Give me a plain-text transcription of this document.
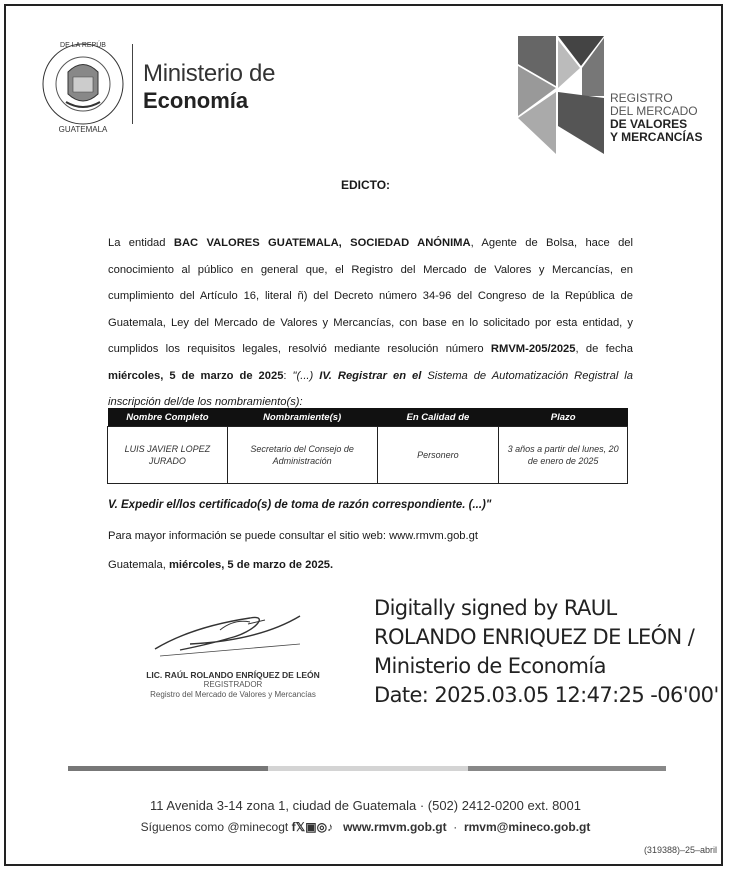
DE LA REPÚB
GUATEMALA
Ministerio de
Economía	REGISTRO
DEL MERCADO
DE VALORES
Y MERCANCÍAS
EDICTO:
La entidad BAC VALORES GUATEMALA, SOCIEDAD ANÓNIMA, Agente de Bolsa, hace del conocimiento al público en general que, el Registro del Mercado de Valores y Mercancías, en cumplimiento del Artículo 16, literal ñ) del Decreto número 34-96 del Congreso de la República de Guatemala, Ley del Mercado de Valores y Mercancías, con base en lo solicitado por esta entidad, y cumplidos los requisitos legales, resolvió mediante resolución número RMVM-205/2025, de fecha miércoles, 5 de marzo de 2025: "(...) IV. Registrar en el Sistema de Automatización Registral la inscripción del/de los nombramiento(s):
Nombre Completo	Nombramiente(s)	En Calidad de	Plazo
LUIS JAVIER LOPEZ JURADO	Secretario del Consejo de Administración	Personero	3 años a partir del lunes, 20 de enero de 2025
V. Expedir el/los certificado(s) de toma de razón correspondiente. (...)"
Para mayor información se puede consultar el sitio web: www.rmvm.gob.gt
Guatemala, miércoles, 5 de marzo de 2025.
LIC. RAÚL ROLANDO ENRÍQUEZ DE LEÓN
REGISTRADOR
Registro del Mercado de Valores y Mercancías
Digitally signed by RAUL
ROLANDO ENRIQUEZ DE LEÓN /
Ministerio de Economía
Date: 2025.03.05 12:47:25 -06'00'
11 Avenida 3-14 zona 1, ciudad de Guatemala · (502) 2412-0200 ext. 8001
Síguenos como @minecogt f𝕏▣◎♪ www.rmvm.gob.gt · rmvm@mineco.gob.gt
(319388)–25–abril
